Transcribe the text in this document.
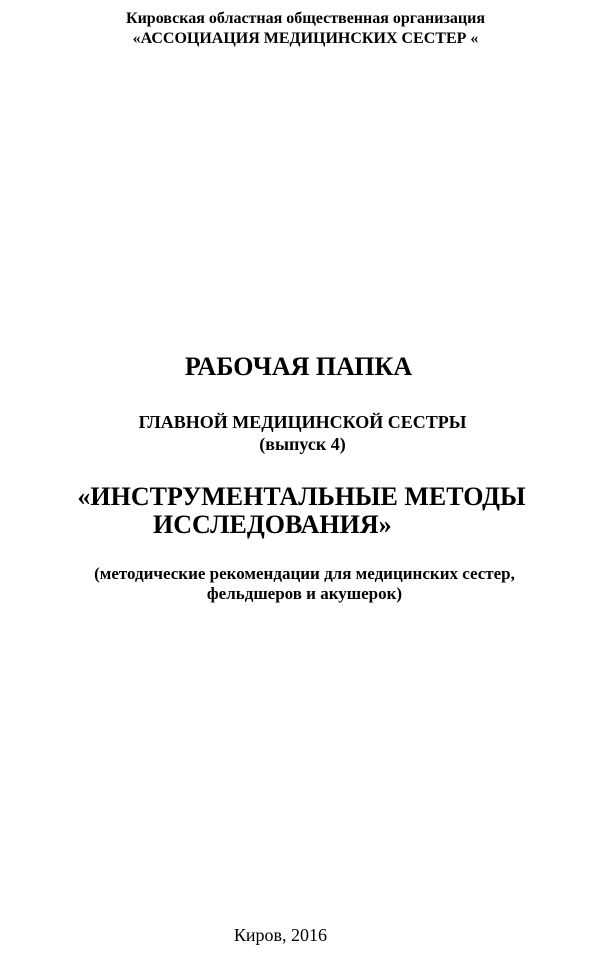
Кировская областная общественная организация
«АССОЦИАЦИЯ МЕДИЦИНСКИХ СЕСТЕР «
РАБОЧАЯ ПАПКА
ГЛАВНОЙ МЕДИЦИНСКОЙ СЕСТРЫ
(выпуск 4)
«ИНСТРУМЕНТАЛЬНЫЕ МЕТОДЫ
ИССЛЕДОВАНИЯ»
(методические рекомендации для медицинских сестер,
фельдшеров и акушерок)
Киров, 2016
